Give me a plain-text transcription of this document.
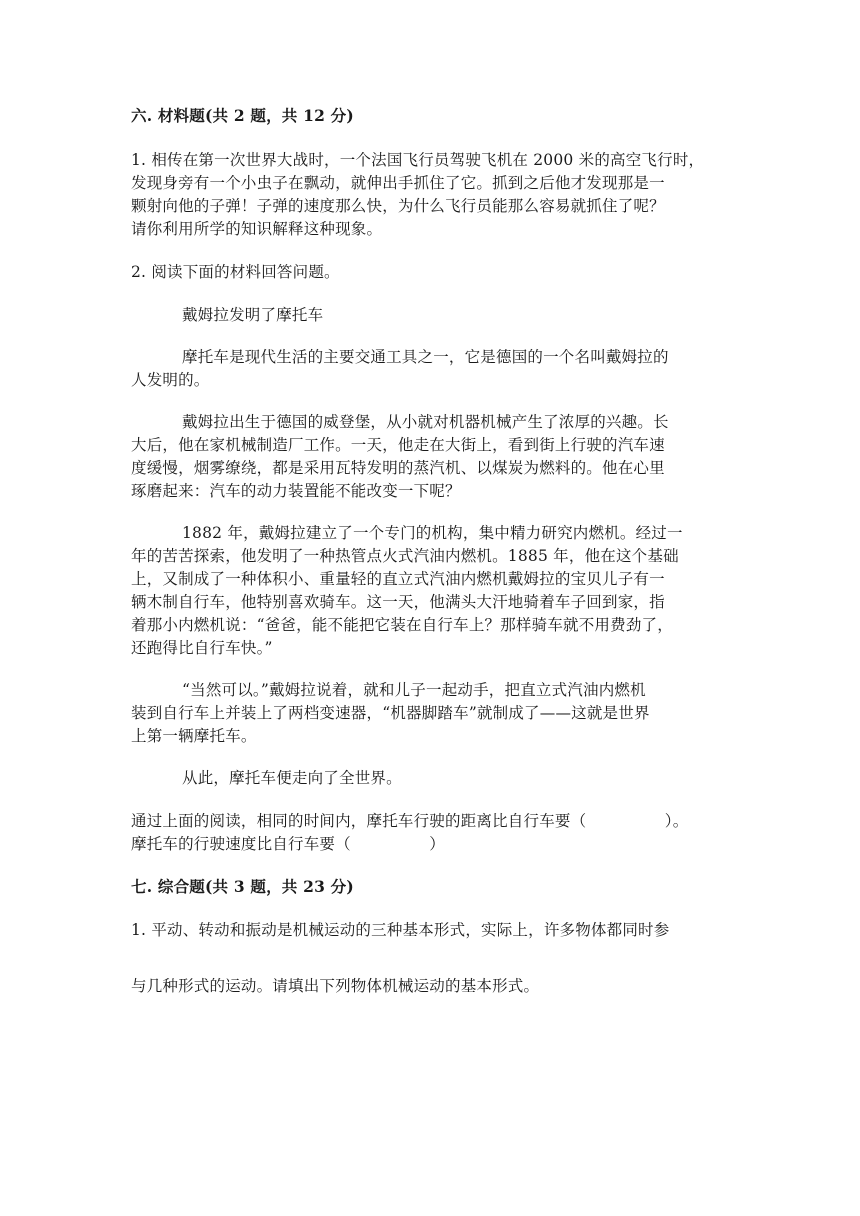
六. 材料题(共 2 题，共 12 分)
1. 相传在第一次世界大战时，一个法国飞行员驾驶飞机在 2000 米的高空飞行时，
发现身旁有一个小虫子在飘动，就伸出手抓住了它。抓到之后他才发现那是一
颗射向他的子弹！子弹的速度那么快，为什么飞行员能那么容易就抓住了呢？
请你利用所学的知识解释这种现象。
2. 阅读下面的材料回答问题。
戴姆拉发明了摩托车
摩托车是现代生活的主要交通工具之一，它是德国的一个名叫戴姆拉的
人发明的。
戴姆拉出生于德国的威登堡，从小就对机器机械产生了浓厚的兴趣。长
大后，他在家机械制造厂工作。一天，他走在大街上，看到街上行驶的汽车速
度缓慢，烟雾缭绕，都是采用瓦特发明的蒸汽机、以煤炭为燃料的。他在心里
琢磨起来：汽车的动力装置能不能改变一下呢？
1882 年，戴姆拉建立了一个专门的机构，集中精力研究内燃机。经过一
年的苦苦探索，他发明了一种热管点火式汽油内燃机。1885 年，他在这个基础
上，又制成了一种体积小、重量轻的直立式汽油内燃机戴姆拉的宝贝儿子有一
辆木制自行车，他特别喜欢骑车。这一天，他满头大汗地骑着车子回到家，指
着那小内燃机说：“爸爸，能不能把它装在自行车上？那样骑车就不用费劲了，
还跑得比自行车快。”
“当然可以。”戴姆拉说着，就和儿子一起动手，把直立式汽油内燃机
装到自行车上并装上了两档变速器，“机器脚踏车”就制成了——这就是世界
上第一辆摩托车。
从此，摩托车便走向了全世界。
通过上面的阅读，相同的时间内，摩托车行驶的距离比自行车要（　　　　　）。
摩托车的行驶速度比自行车要（　　　　　）
七. 综合题(共 3 题，共 23 分)
1. 平动、转动和振动是机械运动的三种基本形式，实际上，许多物体都同时参
与几种形式的运动。请填出下列物体机械运动的基本形式。
